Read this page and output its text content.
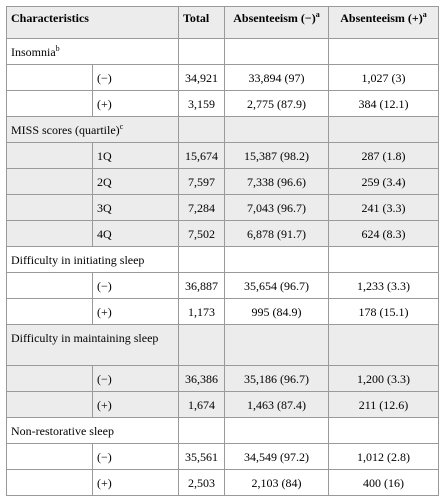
Characteristics		Total	Absenteeism $(-)^a$	Absenteeism $(+)^a$
Insomnia$^b$			
	(−)	34,921	33,894 (97)	1,027 (3)
	(+)	3,159	2,775 (87.9)	384 (12.1)
MISS scores (quartile)$^c$			
	1Q	15,674	15,387 (98.2)	287 (1.8)
	2Q	7,597	7,338 (96.6)	259 (3.4)
	3Q	7,284	7,043 (96.7)	241 (3.3)
	4Q	7,502	6,878 (91.7)	624 (8.3)
Difficulty in initiating sleep				
	(−)	36,887	35,654 (96.7)	1,233 (3.3)
	(+)	1,173	995 (84.9)	178 (15.1)
Difficulty in maintaining sleep				
	(−)	36,386	35,186 (96.7)	1,200 (3.3)
	(+)	1,674	1,463 (87.4)	211 (12.6)
Non-restorative sleep				
	(−)	35,561	34,549 (97.2)	1,012 (2.8)
	(+)	2,503	2,103 (84)	400 (16)
